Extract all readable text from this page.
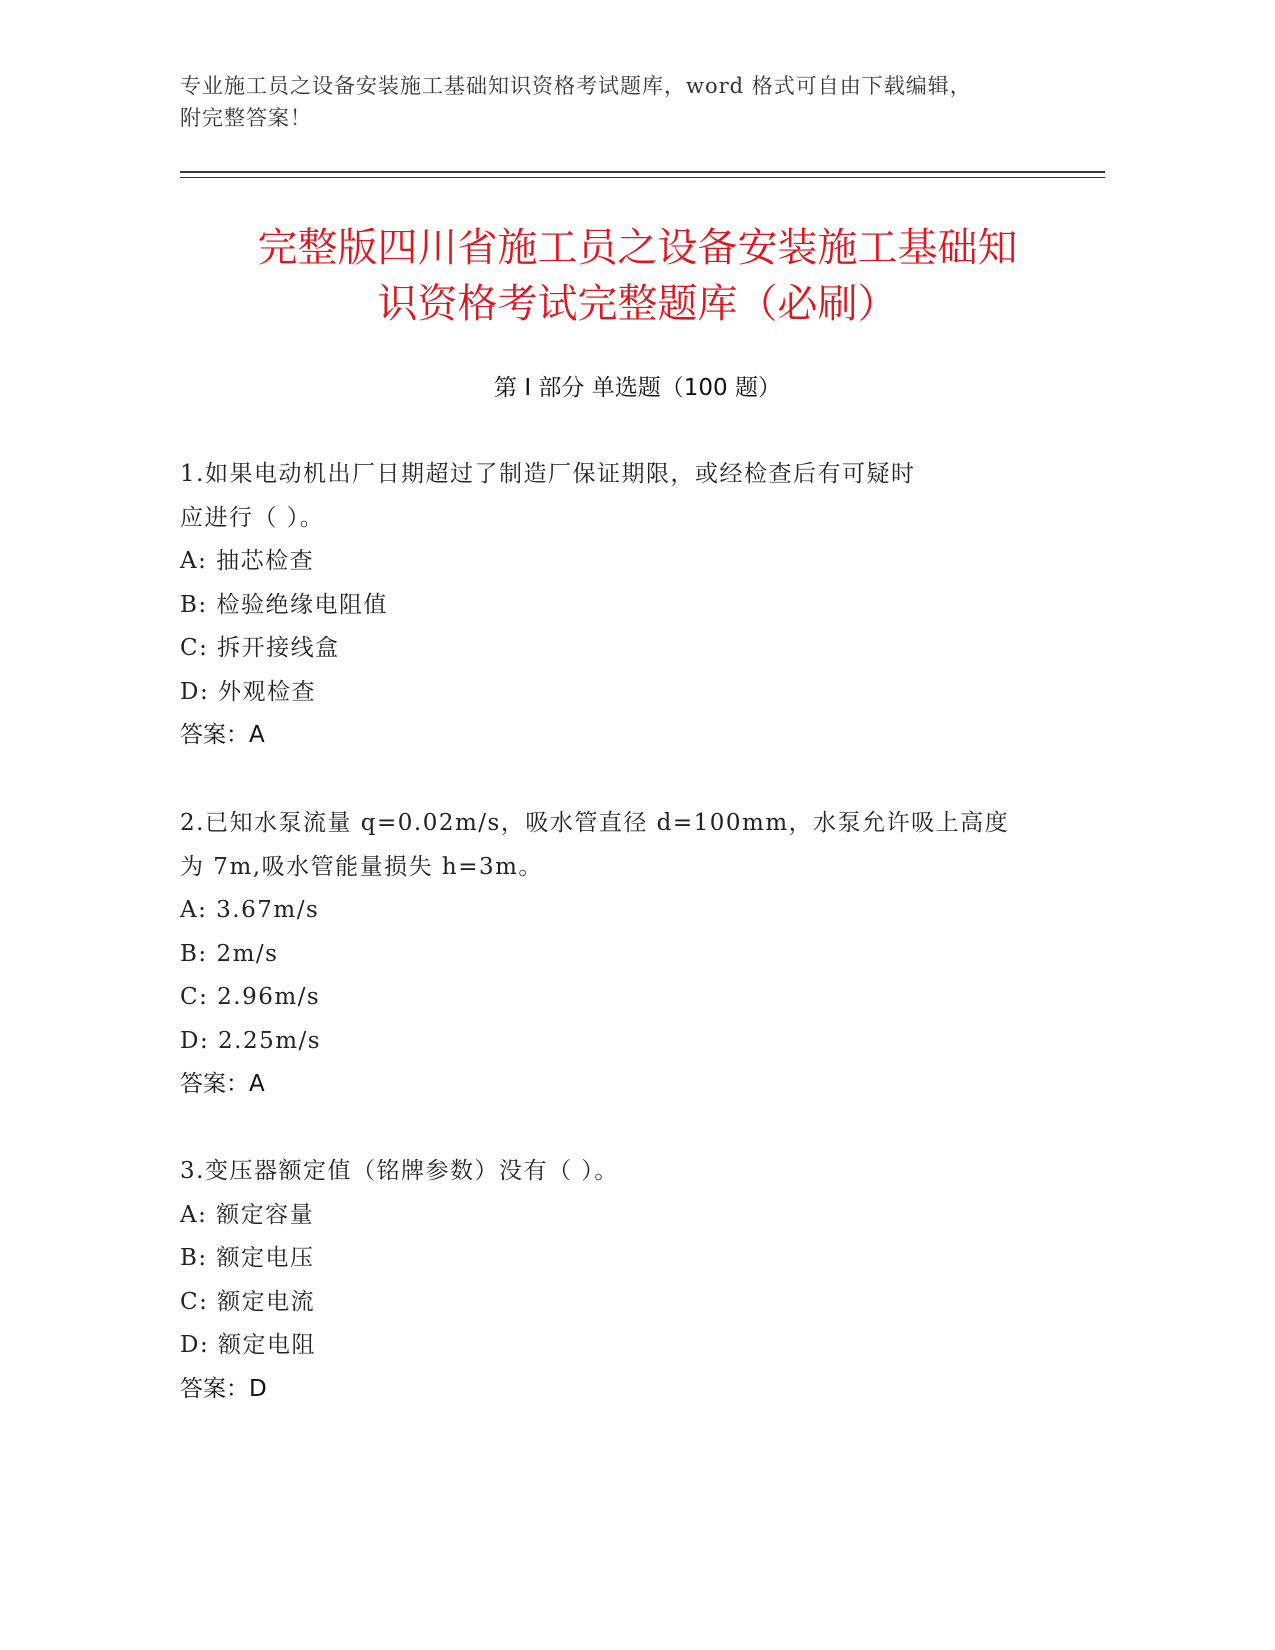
专业施工员之设备安装施工基础知识资格考试题库，word 格式可自由下载编辑，
附完整答案！
完整版四川省施工员之设备安装施工基础知
识资格考试完整题库（必刷）
第 I 部分 单选题（100 题）
1.如果电动机出厂日期超过了制造厂保证期限，或经检查后有可疑时
应进行（ ）。
A: 抽芯检查
B: 检验绝缘电阻值
C: 拆开接线盒
D: 外观检查
答案：A
2.已知水泵流量 q=0.02m/s，吸水管直径 d=100mm，水泵允许吸上高度
为 7m,吸水管能量损失 h=3m。
A: 3.67m/s
B: 2m/s
C: 2.96m/s
D: 2.25m/s
答案：A
3.变压器额定值（铭牌参数）没有（ ）。
A: 额定容量
B: 额定电压
C: 额定电流
D: 额定电阻
答案：D
